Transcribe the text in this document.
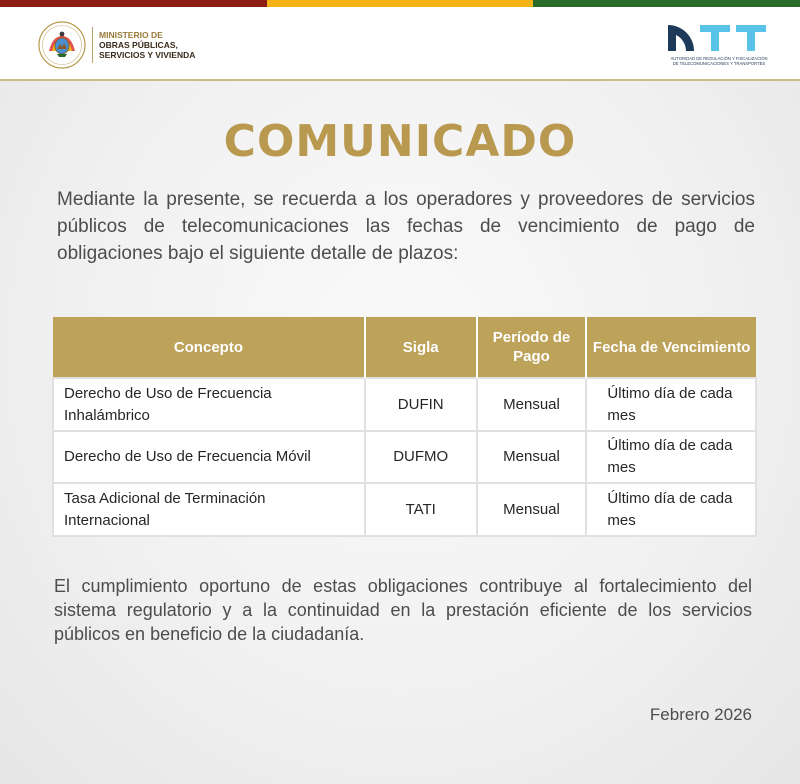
MINISTERIO DE
OBRAS PÚBLICAS,
SERVICIOS Y VIVIENDA	AUTORIDAD DE REGULACIÓN Y FISCALIZACIÓN
DE TELECOMUNICACIONES Y TRANSPORTES
COMUNICADO
Mediante la presente, se recuerda a los operadores y proveedores de servicios públicos de telecomunicaciones las fechas de vencimiento de pago de obligaciones bajo el siguiente detalle de plazos:
Concepto	Sigla	Período de Pago	Fecha de Vencimiento
Derecho de Uso de Frecuencia Inhalámbrico	DUFIN	Mensual	Último día de cada mes
Derecho de Uso de Frecuencia Móvil	DUFMO	Mensual	Último día de cada mes
Tasa Adicional de Terminación Internacional	TATI	Mensual	Último día de cada mes
El cumplimiento oportuno de estas obligaciones contribuye al fortalecimiento del sistema regulatorio y a la continuidad en la prestación eficiente de los servicios públicos en beneficio de la ciudadanía.
Febrero 2026
